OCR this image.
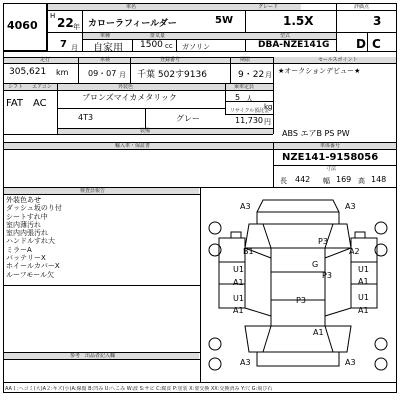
4060
車名	グレード	評価点
H 22 年 カローラフィールダー	5W	1.5X	3
車種	排気量	型式
7 月 自家用 1500 cc ガソリン	DBA-NZE141G D C
走行	車検	登録番号	期限	セールスポイント
305,621 km 09・07 月 千葉 502す9136	9・22 月 ★オークションデビュー★
シフト エアコン	外装色	乗車定員
FAT AC
ブロンズマイカメタリック	5 人
kg
リサイクル預託金
4T3	グレー	11,730 円
装備	ABS エアB PS PW
輸入車・保証書	車体番号
NZE141-9158056
寸法
長 442 幅 169 高 148
検査員報告
外装色あせ
ダッシュ坂のり付
シートすれ中
室内薄汚れ
室内内張汚れ
ハンドルすれ大
ミラーA
バッテリーX
ホイールカバーX
ルーフモール欠
参考　出品者記入欄
A3	A3
P3
B1	A2
G
P3
U1
A1
U1
A1
P3
U1
A1
U1
A1
A1
A3	A3
AA１:ヘコミ(大)A２:キズ(小)A:線傷 B:凹み U:へこみ W:波 S:サビ C:腐食 P:塗装 X:要交換 XX:交換済み Y:穴 G:飛び石
